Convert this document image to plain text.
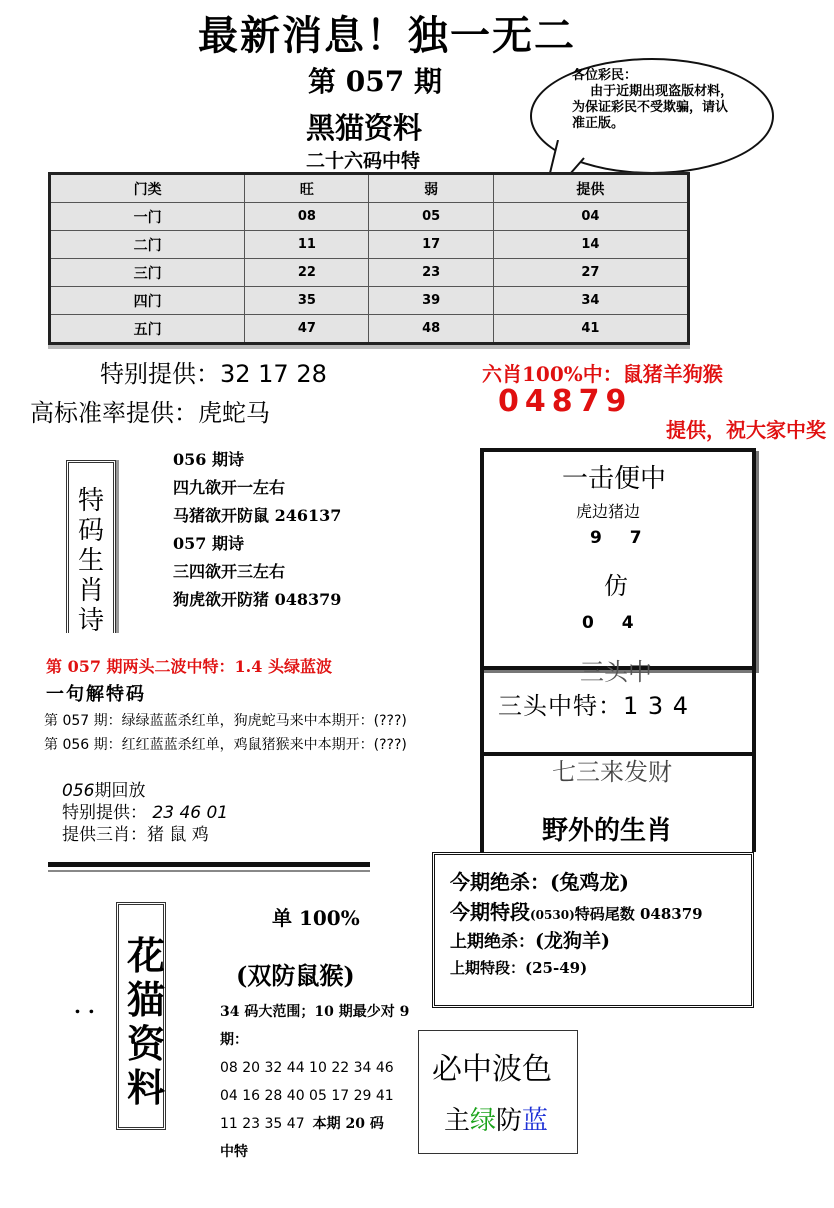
最新消息！独一无二
第 057 期
黑猫资料
二十六码中特
各位彩民：
由于近期出现盗版材料，为保证彩民不受欺骗，请认准正版。
门类	旺	弱	提供
一门	08	05	04
二门	11	17	14
三门	22	23	27
四门	35	39	34
五门	47	48	41
特别提供：32 17 28
高标准率提供：虎蛇马
六肖100%中：鼠猪羊狗猴
04879
提供，祝大家中奖
特码生肖诗
056 期诗
四九欲开一左右
马猪欲开防鼠 246137
057 期诗
三四欲开三左右
狗虎欲开防猪 048379
第 057 期两头二波中特：1.4 头绿蓝波
一句解特码
第 057 期：绿绿蓝蓝杀红单，狗虎蛇马来中本期开：(???)
第 056 期：红红蓝蓝杀红单，鸡鼠猪猴来中本期开：(???)
056期回放
特别提供： 23 46 01
提供三肖：猪 鼠 鸡
一击便中
虎边猪边
9 7
仿
0 4
三头中
三头中特：1 3 4
七三来发财
野外的生肖
今期绝杀：(兔鸡龙)
今期特段(0530)特码尾数 048379
上期绝杀：(龙狗羊)
上期特段：(25-49)
花猫资料
单 100%
(双防鼠猴)
. .	34 码大范围；10 期最少对 9期：
08 20 32 44 10 22 34 46
04 16 28 40 05 17 29 41
11 23 35 47 本期 20 码
中特
必中波色
主绿防蓝
